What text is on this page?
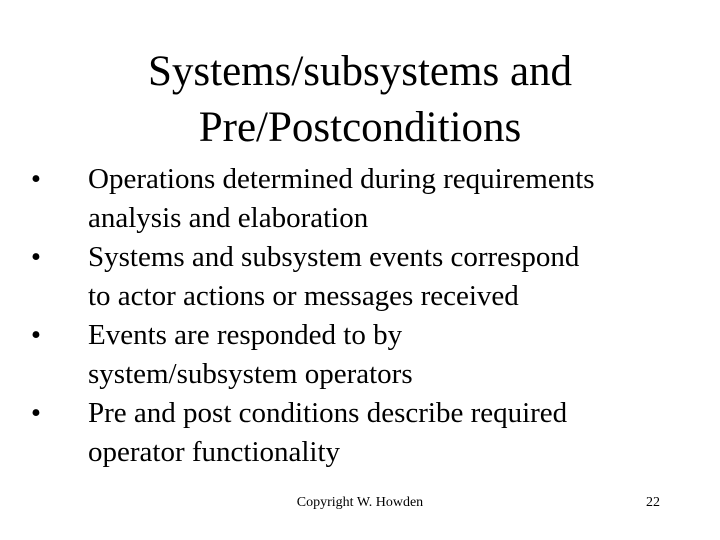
Systems/subsystems and
Pre/Postconditions
• Operations determined during requirements
analysis and elaboration
• Systems and subsystem events correspond
to actor actions or messages received
• Events are responded to by
system/subsystem operators
• Pre and post conditions describe required
operator functionality
Copyright W. Howden	22
